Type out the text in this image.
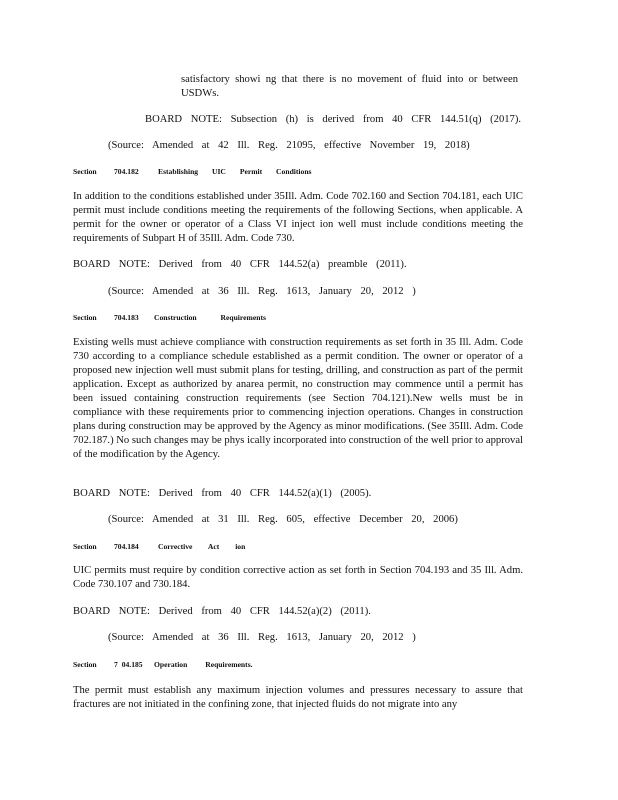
satisfactory showi ng that there is no movement of fluid into or between USDWs.
BOARD NOTE: Subsection (h) is derived from 40 CFR 144.51(q) (2017).
(Source: Amended at 42 Ill. Reg. 21095, effective November 19, 2018)
Section 704.182	Establishing UIC Permit Conditions
In addition to the conditions established under 35Ill. Adm. Code 702.160 and Section 704.181, each UIC permit must include conditions meeting the requirements of the following Sections, when applicable. A permit for the owner or operator of a Class VI inject ion well must include conditions meeting the requirements of Subpart H of 35Ill. Adm. Code 730.
BOARD NOTE: Derived from 40 CFR 144.52(a) preamble (2011).
(Source: Amended at 36 Ill. Reg. 1613, January 20, 2012 )
Section 704.183 Construction Requirements
Existing wells must achieve compliance with construction requirements as set forth in 35 Ill. Adm. Code 730 according to a compliance schedule established as a permit condition. The owner or operator of a proposed new injection well must submit plans for testing, drilling, and construction as part of the permit application. Except as authorized by anarea permit, no construction may commence until a permit has been issued containing construction requirements (see Section 704.121).New wells must be in compliance with these requirements prior to commencing injection operations. Changes in construction plans during construction may be approved by the Agency as minor modifications. (See 35Ill. Adm. Code 702.187.) No such changes may be phys ically incorporated into construction of the well prior to approval of the modification by the Agency.
BOARD NOTE: Derived from 40 CFR 144.52(a)(1) (2005).
(Source: Amended at 31 Ill. Reg. 605, effective December 20, 2006)
Section 704.184	Corrective Act ion
UIC permits must require by condition corrective action as set forth in Section 704.193 and 35 Ill. Adm. Code 730.107 and 730.184.
BOARD NOTE: Derived from 40 CFR 144.52(a)(2) (2011).
(Source: Amended at 36 Ill. Reg. 1613, January 20, 2012 )
Section 7 04.185 Operation Requirements.
The permit must establish any maximum injection volumes and pressures necessary to assure that fractures are not initiated in the confining zone, that injected fluids do not migrate into any
